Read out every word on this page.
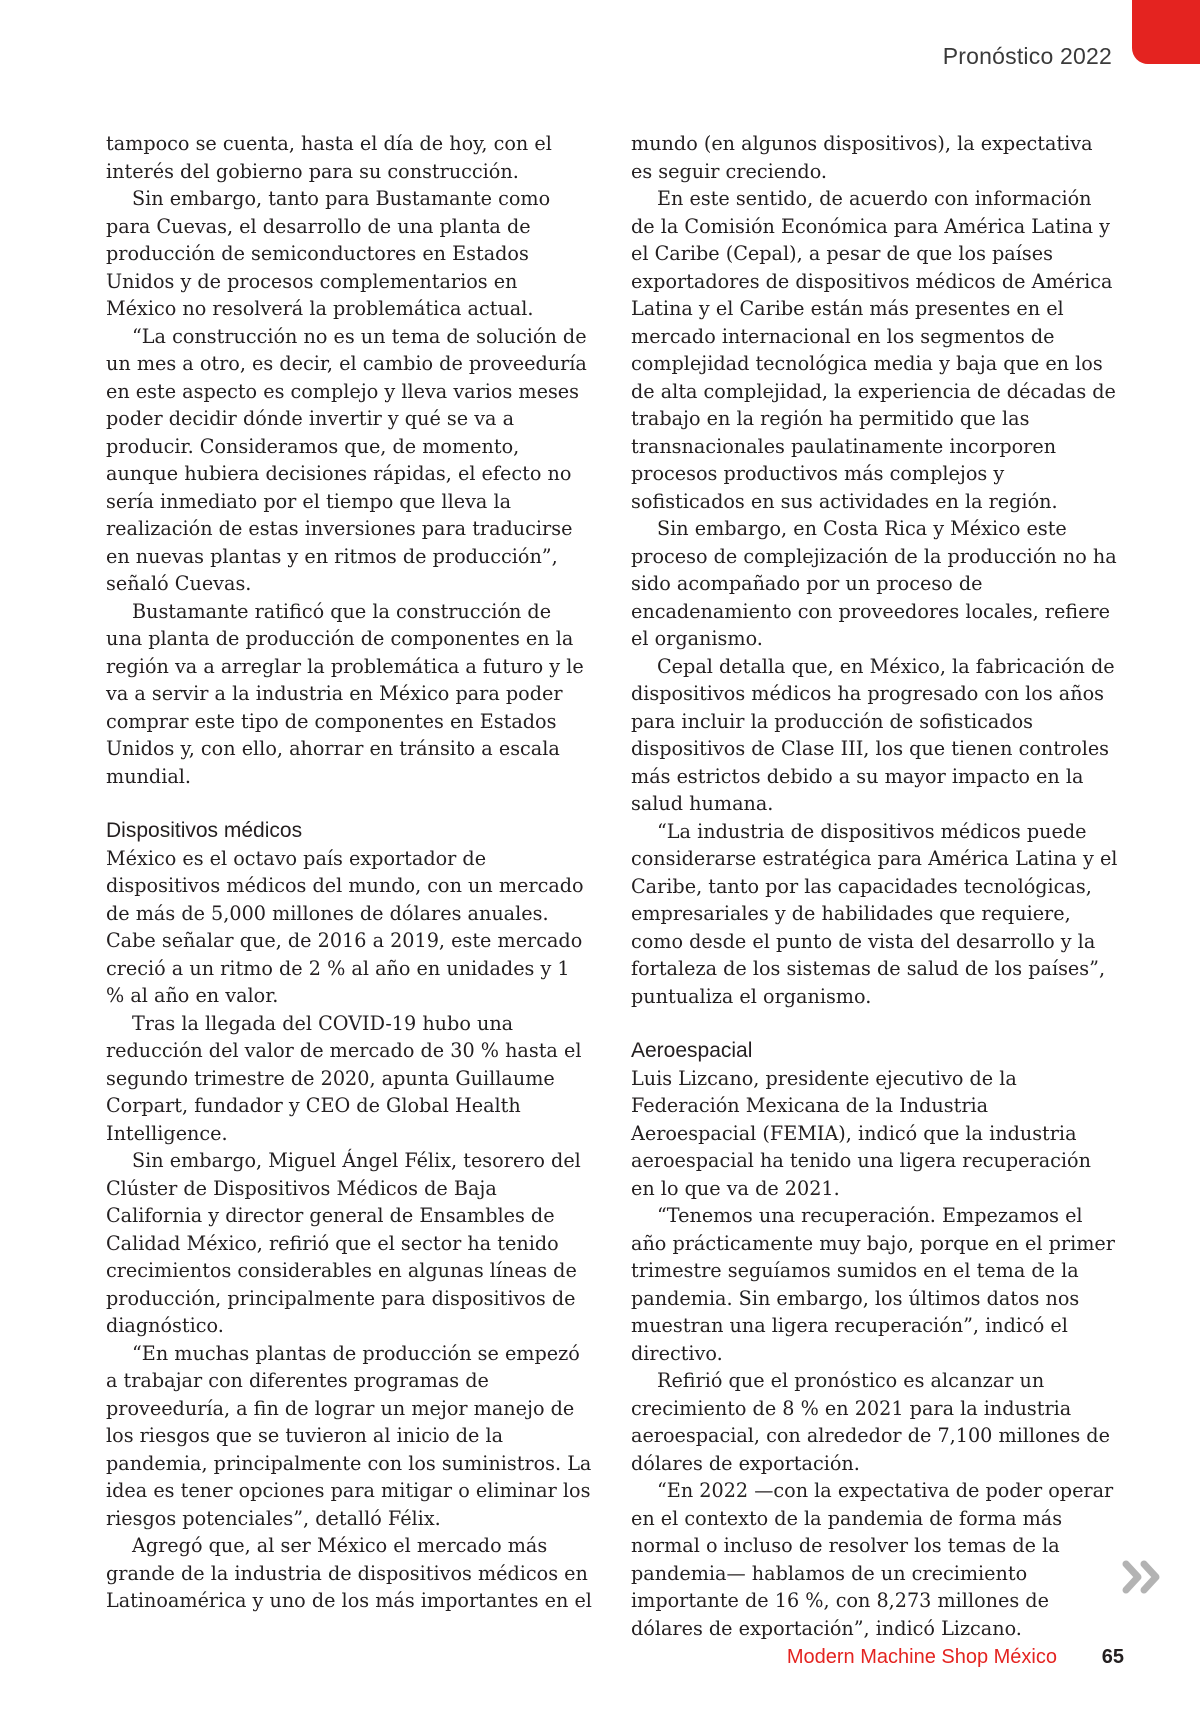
Pronóstico 2022

tampoco se cuenta, hasta el día de hoy, con el interés del gobierno para su construcción.

Sin embargo, tanto para Bustamante como para Cuevas, el desarrollo de una planta de producción de semiconductores en Estados Unidos y de procesos complementarios en México no resolverá la problemática actual.

“La construcción no es un tema de solución de un mes a otro, es decir, el cambio de proveeduría en este aspecto es complejo y lleva varios meses poder decidir dónde invertir y qué se va a producir. Consideramos que, de momento, aunque hubiera decisiones rápidas, el efecto no sería inmediato por el tiempo que lleva la realización de estas inversiones para traducirse en nuevas plantas y en ritmos de producción”, señaló Cuevas.

Bustamante ratificó que la construcción de una planta de producción de componentes en la región va a arreglar la problemática a futuro y le va a servir a la industria en México para poder comprar este tipo de componentes en Estados Unidos y, con ello, ahorrar en tránsito a escala mundial.

Dispositivos médicos

México es el octavo país exportador de dispositivos médicos del mundo, con un mercado de más de 5,000 millones de dólares anuales. Cabe señalar que, de 2016 a 2019, este mercado creció a un ritmo de 2 % al año en unidades y 1 % al año en valor.

Tras la llegada del COVID-19 hubo una reducción del valor de mercado de 30 % hasta el segundo trimestre de 2020, apunta Guillaume Corpart, fundador y CEO de Global Health Intelligence.

Sin embargo, Miguel Ángel Félix, tesorero del Clúster de Dispositivos Médicos de Baja California y director general de Ensambles de Calidad México, refirió que el sector ha tenido crecimientos considerables en algunas líneas de producción, principalmente para dispositivos de diagnóstico.

“En muchas plantas de producción se empezó a trabajar con diferentes programas de proveeduría, a fin de lograr un mejor manejo de los riesgos que se tuvieron al inicio de la pandemia, principalmente con los suministros. La idea es tener opciones para mitigar o eliminar los riesgos potenciales”, detalló Félix.

Agregó que, al ser México el mercado más grande de la industria de dispositivos médicos en Latinoamérica y uno de los más importantes en el

mundo (en algunos dispositivos), la expectativa es seguir creciendo.

En este sentido, de acuerdo con información de la Comisión Económica para América Latina y el Caribe (Cepal), a pesar de que los países exportadores de dispositivos médicos de América Latina y el Caribe están más presentes en el mercado internacional en los segmentos de complejidad tecnológica media y baja que en los de alta complejidad, la experiencia de décadas de trabajo en la región ha permitido que las transnacionales paulatinamente incorporen procesos productivos más complejos y sofisticados en sus actividades en la región.

Sin embargo, en Costa Rica y México este proceso de complejización de la producción no ha sido acompañado por un proceso de encadenamiento con proveedores locales, refiere el organismo.

Cepal detalla que, en México, la fabricación de dispositivos médicos ha progresado con los años para incluir la producción de sofisticados dispositivos de Clase III, los que tienen controles más estrictos debido a su mayor impacto en la salud humana.

“La industria de dispositivos médicos puede considerarse estratégica para América Latina y el Caribe, tanto por las capacidades tecnológicas, empresariales y de habilidades que requiere, como desde el punto de vista del desarrollo y la fortaleza de los sistemas de salud de los países”, puntualiza el organismo.

Aeroespacial

Luis Lizcano, presidente ejecutivo de la Federación Mexicana de la Industria Aeroespacial (FEMIA), indicó que la industria aeroespacial ha tenido una ligera recuperación en lo que va de 2021.

“Tenemos una recuperación. Empezamos el año prácticamente muy bajo, porque en el primer trimestre seguíamos sumidos en el tema de la pandemia. Sin embargo, los últimos datos nos muestran una ligera recuperación”, indicó el directivo.

Refirió que el pronóstico es alcanzar un crecimiento de 8 % en 2021 para la industria aeroespacial, con alrededor de 7,100 millones de dólares de exportación.

“En 2022 —con la expectativa de poder operar en el contexto de la pandemia de forma más normal o incluso de resolver los temas de la pandemia— hablamos de un crecimiento importante de 16 %, con 8,273 millones de dólares de exportación”, indicó Lizcano.

Modern Machine Shop México 65
